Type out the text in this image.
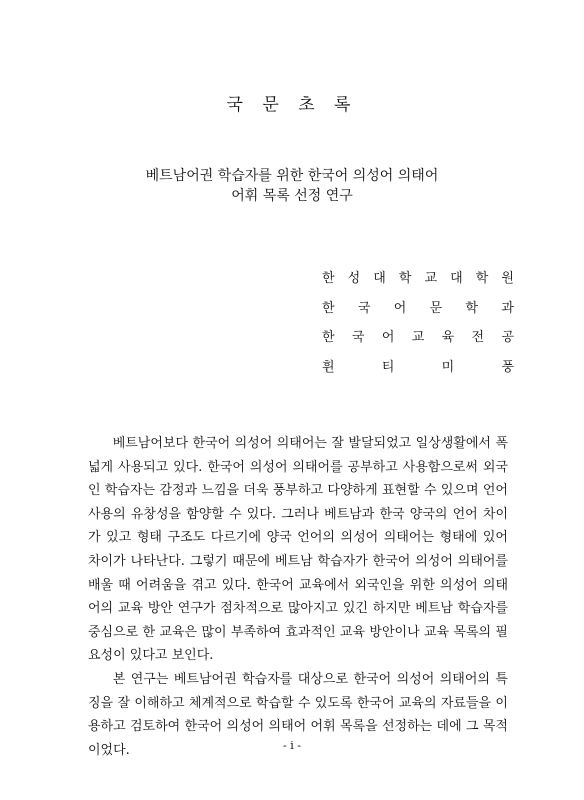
국 문 초 록
베트남어권 학습자를 위한 한국어 의성어 의태어
어휘 목록 선정 연구
한 성 대 학 교 대 학 원
한 국 어 문 학 과
한 국 어 교 육 전 공
휜	티	미	풍

베트남어보다 한국어 의성어 의태어는 잘 발달되었고 일상생활에서 폭넓게 사용되고 있다. 한국어 의성어 의태어를 공부하고 사용함으로써 외국인 학습자는 감정과 느낌을 더욱 풍부하고 다양하게 표현할 수 있으며 언어 사용의 유창성을 함양할 수 있다. 그러나 베트남과 한국 양국의 언어 차이가 있고 형태 구조도 다르기에 양국 언어의 의성어 의태어는 형태에 있어 차이가 나타난다. 그렇기 때문에 베트남 학습자가 한국어 의성어 의태어를 배울 때 어려움을 겪고 있다. 한국어 교육에서 외국인을 위한 의성어 의태어의 교육 방안 연구가 점차적으로 많아지고 있긴 하지만 베트남 학습자를 중심으로 한 교육은 많이 부족하여 효과적인 교육 방안이나 교육 목록의 필요성이 있다고 보인다.

본 연구는 베트남어권 학습자를 대상으로 한국어 의성어 의태어의 특징을 잘 이해하고 체계적으로 학습할 수 있도록 한국어 교육의 자료들을 이용하고 검토하여 한국어 의성어 의태어 어휘 목록을 선정하는 데에 그 목적이었다.	- i -
